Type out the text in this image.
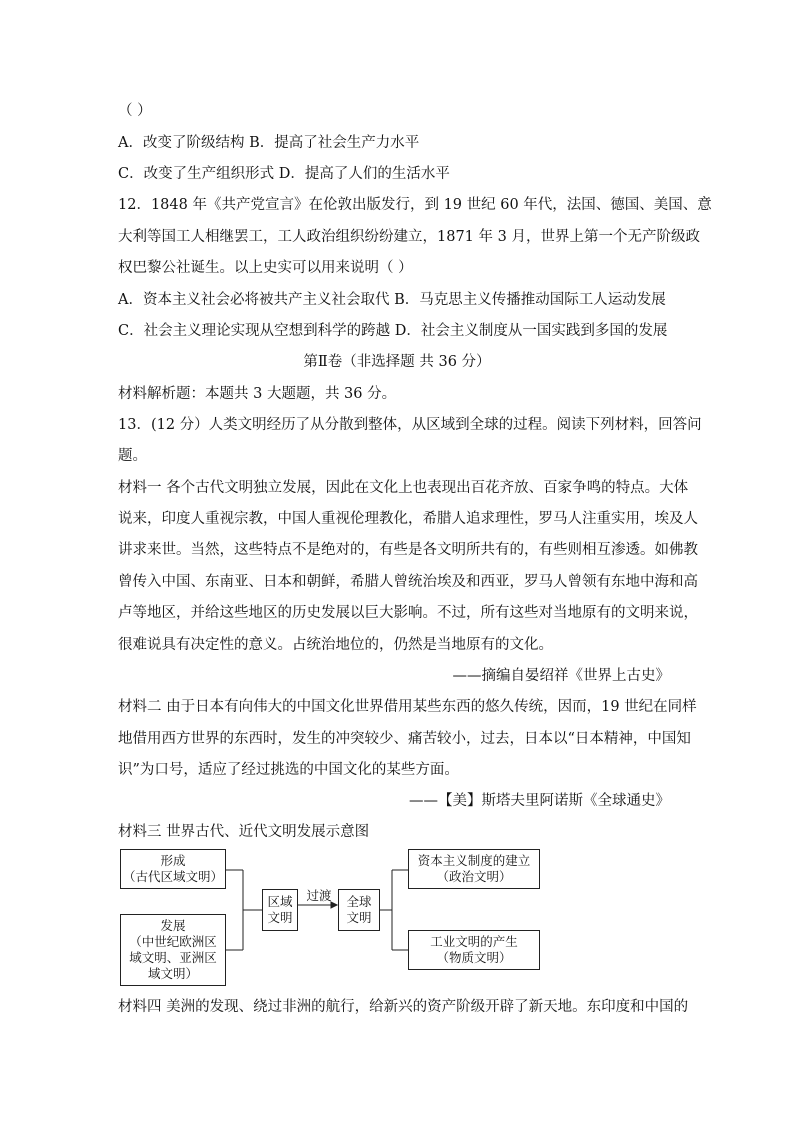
（ ）
A．改变了阶级结构 B．提高了社会生产力水平
C．改变了生产组织形式 D．提高了人们的生活水平
12．1848 年《共产党宣言》在伦敦出版发行，到 19 世纪 60 年代，法国、德国、美国、意
大利等国工人相继罢工，工人政治组织纷纷建立，1871 年 3 月，世界上第一个无产阶级政
权巴黎公社诞生。以上史实可以用来说明（ ）
A．资本主义社会必将被共产主义社会取代 B．马克思主义传播推动国际工人运动发展
C．社会主义理论实现从空想到科学的跨越 D．社会主义制度从一国实践到多国的发展
第Ⅱ卷（非选择题 共 36 分）
材料解析题：本题共 3 大题题，共 36 分。
13．(12 分）人类文明经历了从分散到整体，从区域到全球的过程。阅读下列材料，回答问
题。
材料一 各个古代文明独立发展，因此在文化上也表现出百花齐放、百家争鸣的特点。大体
说来，印度人重视宗教，中国人重视伦理教化，希腊人追求理性，罗马人注重实用，埃及人
讲求来世。当然，这些特点不是绝对的，有些是各文明所共有的，有些则相互渗透。如佛教
曾传入中国、东南亚、日本和朝鲜，希腊人曾统治埃及和西亚，罗马人曾领有东地中海和高
卢等地区，并给这些地区的历史发展以巨大影响。不过，所有这些对当地原有的文明来说，
很难说具有决定性的意义。占统治地位的，仍然是当地原有的文化。
——摘编自晏绍祥《世界上古史》
材料二 由于日本有向伟大的中国文化世界借用某些东西的悠久传统，因而，19 世纪在同样
地借用西方世界的东西时，发生的冲突较少、痛苦较小，过去，日本以“日本精神，中国知
识”为口号，适应了经过挑选的中国文化的某些方面。
——【美】斯塔夫里阿诺斯《全球通史》
材料三 世界古代、近代文明发展示意图
形成
（古代区域文明）
发展
（中世纪欧洲区
域文明、亚洲区
域文明）
区域
文明
过渡	全球
文明
资本主义制度的建立
（政治文明）
工业文明的产生
（物质文明）
材料四 美洲的发现、绕过非洲的航行，给新兴的资产阶级开辟了新天地。东印度和中国的
